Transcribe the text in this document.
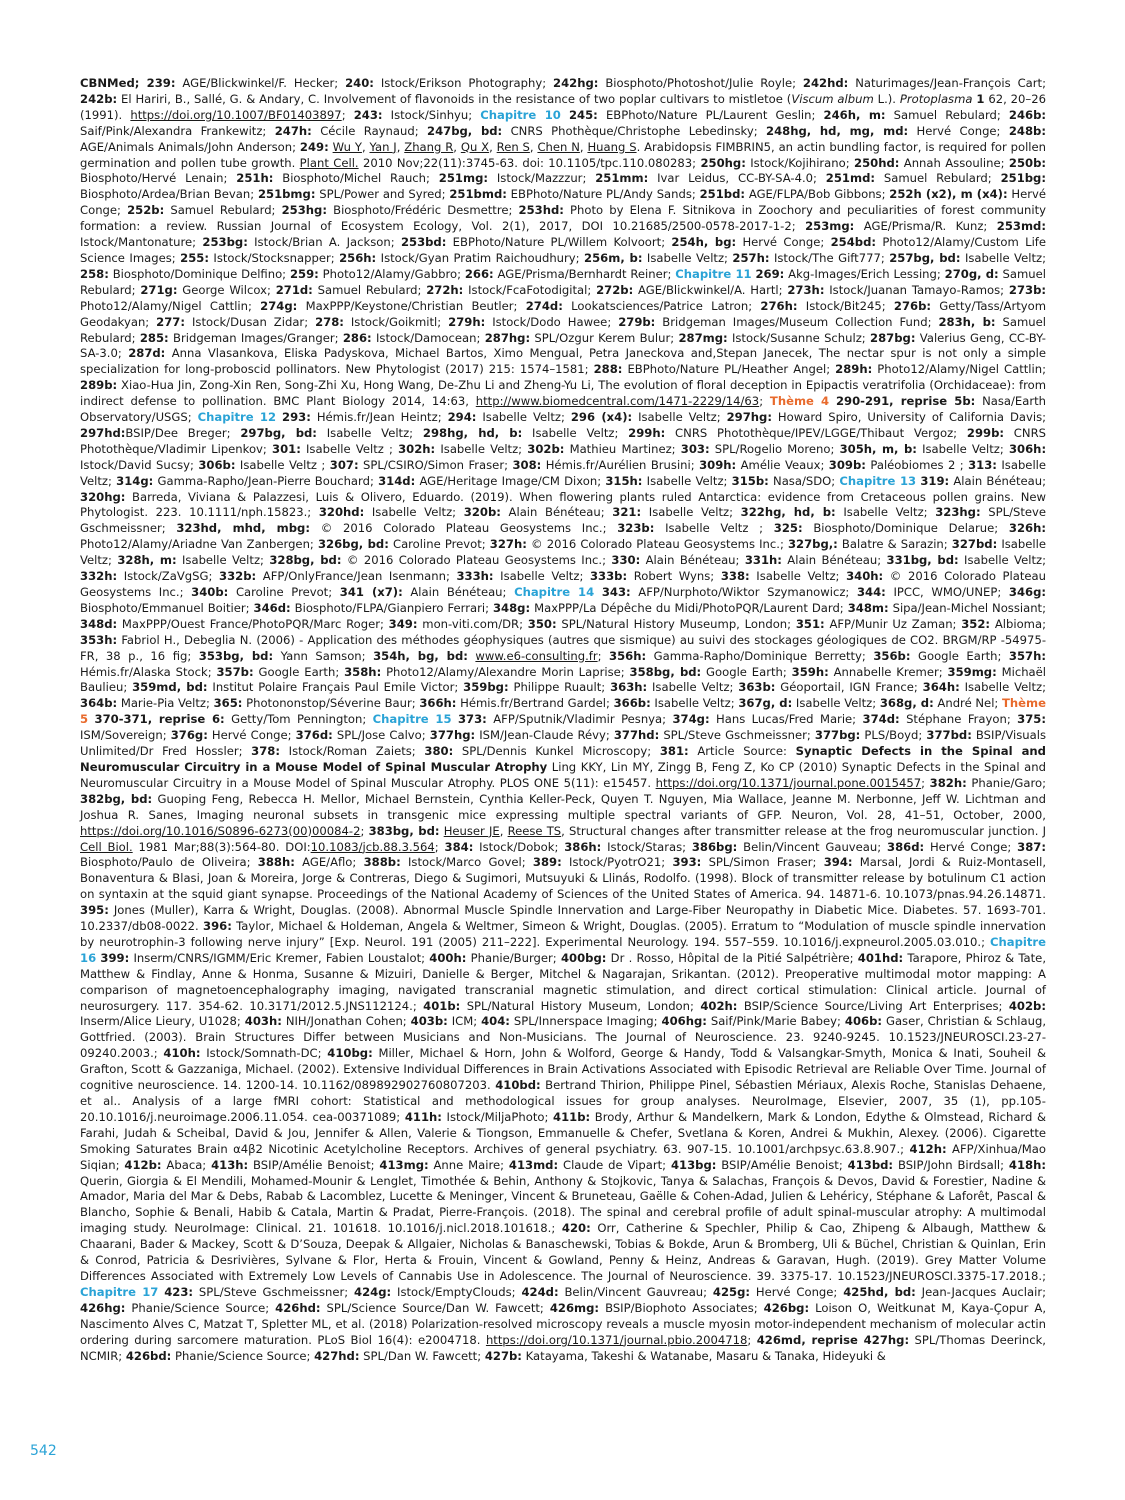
CBNMed; 239: AGE/Blickwinkel/F. Hecker; 240: Istock/Erikson Photography; 242hg: Biosphoto/Photoshot/Julie Royle; 242hd: Naturimages/Jean-François Cart; 242b: El Hariri, B., Sallé, G. & Andary, C. Involvement of flavonoids in the resistance of two poplar cultivars to mistletoe (Viscum album L.). Protoplasma 1 62, 20–26 (1991). https://doi.org/10.1007/BF01403897; 243: Istock/Sinhyu; Chapitre 10 245: EBPhoto/Nature PL/Laurent Geslin; 246h, m: Samuel Rebulard; 246b: Saif/Pink/Alexandra Frankewitz; 247h: Cécile Raynaud; 247bg, bd: CNRS Phothèque/Christophe Lebedinsky; 248hg, hd, mg, md: Hervé Conge; 248b: AGE/Animals Animals/John Anderson; 249: Wu Y, Yan J, Zhang R, Qu X, Ren S, Chen N, Huang S. Arabidopsis FIMBRIN5, an actin bundling factor, is required for pollen germination and pollen tube growth. Plant Cell. 2010 Nov;22(11):3745-63. doi: 10.1105/tpc.110.080283; 250hg: Istock/Kojihirano; 250hd: Annah Assouline; 250b: Biosphoto/Hervé Lenain; 251h: Biosphoto/Michel Rauch; 251mg: Istock/Mazzzur; 251mm: Ivar Leidus, CC-BY-SA-4.0; 251md: Samuel Rebulard; 251bg: Biosphoto/Ardea/Brian Bevan; 251bmg: SPL/Power and Syred; 251bmd: EBPhoto/Nature PL/Andy Sands; 251bd: AGE/FLPA/Bob Gibbons; 252h (x2), m (x4): Hervé Conge; 252b: Samuel Rebulard; 253hg: Biosphoto/Frédéric Desmettre; 253hd: Photo by Elena F. Sitnikova in Zoochory and peculiarities of forest community formation: a review. Russian Journal of Ecosystem Ecology, Vol. 2(1), 2017, DOI 10.21685/2500-0578-2017-1-2; 253mg: AGE/Prisma/R. Kunz; 253md: Istock/Mantonature; 253bg: Istock/Brian A. Jackson; 253bd: EBPhoto/Nature PL/Willem Kolvoort; 254h, bg: Hervé Conge; 254bd: Photo12/Alamy/Custom Life Science Images; 255: Istock/Stocksnapper; 256h: Istock/Gyan Pratim Raichoudhury; 256m, b: Isabelle Veltz; 257h: Istock/The Gift777; 257bg, bd: Isabelle Veltz; 258: Biosphoto/Dominique Delfino; 259: Photo12/Alamy/Gabbro; 266: AGE/Prisma/Bernhardt Reiner; Chapitre 11 269: Akg-Images/Erich Lessing; 270g, d: Samuel Rebulard; 271g: George Wilcox; 271d: Samuel Rebulard; 272h: Istock/FcaFotodigital; 272b: AGE/Blickwinkel/A. Hartl; 273h: Istock/Juanan Tamayo-Ramos; 273b: Photo12/Alamy/Nigel Cattlin; 274g: MaxPPP/Keystone/Christian Beutler; 274d: Lookatsciences/Patrice Latron; 276h: Istock/Bit245; 276b: Getty/Tass/Artyom Geodakyan; 277: Istock/Dusan Zidar; 278: Istock/Goikmitl; 279h: Istock/Dodo Hawee; 279b: Bridgeman Images/Museum Collection Fund; 283h, b: Samuel Rebulard; 285: Bridgeman Images/Granger; 286: Istock/Damocean; 287hg: SPL/Ozgur Kerem Bulur; 287mg: Istock/Susanne Schulz; 287bg: Valerius Geng, CC-BY-SA-3.0; 287d: Anna Vlasankova, Eliska Padyskova, Michael Bartos, Ximo Mengual, Petra Janeckova and,Stepan Janecek, The nectar spur is not only a simple specialization for long-proboscid pollinators. New Phytologist (2017) 215: 1574–1581; 288: EBPhoto/Nature PL/Heather Angel; 289h: Photo12/Alamy/Nigel Cattlin; 289b: Xiao-Hua Jin, Zong-Xin Ren, Song-Zhi Xu, Hong Wang, De-Zhu Li and Zheng-Yu Li, The evolution of floral deception in Epipactis veratrifolia (Orchidaceae): from indirect defense to pollination. BMC Plant Biology 2014, 14:63, http://www.biomedcentral.com/1471-2229/14/63; Thème 4 290-291, reprise 5b: Nasa/Earth Observatory/USGS; Chapitre 12 293: Hémis.fr/Jean Heintz; 294: Isabelle Veltz; 296 (x4): Isabelle Veltz; 297hg: Howard Spiro, University of California Davis; 297hd:BSIP/Dee Breger; 297bg, bd: Isabelle Veltz; 298hg, hd, b: Isabelle Veltz; 299h: CNRS Photothèque/IPEV/LGGE/Thibaut Vergoz; 299b: CNRS Photothèque/Vladimir Lipenkov; 301: Isabelle Veltz ; 302h: Isabelle Veltz; 302b: Mathieu Martinez; 303: SPL/Rogelio Moreno; 305h, m, b: Isabelle Veltz; 306h: Istock/David Sucsy; 306b: Isabelle Veltz ; 307: SPL/CSIRO/Simon Fraser; 308: Hémis.fr/Aurélien Brusini; 309h: Amélie Veaux; 309b: Paléobiomes 2 ; 313: Isabelle Veltz; 314g: Gamma-Rapho/Jean-Pierre Bouchard; 314d: AGE/Heritage Image/CM Dixon; 315h: Isabelle Veltz; 315b: Nasa/SDO; Chapitre 13 319: Alain Bénéteau; 320hg: Barreda, Viviana & Palazzesi, Luis & Olivero, Eduardo. (2019). When flowering plants ruled Antarctica: evidence from Cretaceous pollen grains. New Phytologist. 223. 10.1111/nph.15823.; 320hd: Isabelle Veltz; 320b: Alain Bénéteau; 321: Isabelle Veltz; 322hg, hd, b: Isabelle Veltz; 323hg: SPL/Steve Gschmeissner; 323hd, mhd, mbg: © 2016 Colorado Plateau Geosystems Inc.; 323b: Isabelle Veltz ; 325: Biosphoto/Dominique Delarue; 326h: Photo12/Alamy/Ariadne Van Zanbergen; 326bg, bd: Caroline Prevot; 327h: © 2016 Colorado Plateau Geosystems Inc.; 327bg,: Balatre & Sarazin; 327bd: Isabelle Veltz; 328h, m: Isabelle Veltz; 328bg, bd: © 2016 Colorado Plateau Geosystems Inc.; 330: Alain Bénéteau; 331h: Alain Bénéteau; 331bg, bd: Isabelle Veltz; 332h: Istock/ZaVgSG; 332b: AFP/OnlyFrance/Jean Isenmann; 333h: Isabelle Veltz; 333b: Robert Wyns; 338: Isabelle Veltz; 340h: © 2016 Colorado Plateau Geosystems Inc.; 340b: Caroline Prevot; 341 (x7): Alain Bénéteau; Chapitre 14 343: AFP/Nurphoto/Wiktor Szymanowicz; 344: IPCC, WMO/UNEP; 346g: Biosphoto/Emmanuel Boitier; 346d: Biosphoto/FLPA/Gianpiero Ferrari; 348g: MaxPPP/La Dépêche du Midi/PhotoPQR/Laurent Dard; 348m: Sipa/Jean-Michel Nossiant; 348d: MaxPPP/Ouest France/PhotoPQR/Marc Roger; 349: mon-viti.com/DR; 350: SPL/Natural History Museump, London; 351: AFP/Munir Uz Zaman; 352: Albioma; 353h: Fabriol H., Debeglia N. (2006) - Application des méthodes géophysiques (autres que sismique) au suivi des stockages géologiques de CO2. BRGM/RP -54975-FR, 38 p., 16 fig; 353bg, bd: Yann Samson; 354h, bg, bd: www.e6-consulting.fr; 356h: Gamma-Rapho/Dominique Berretty; 356b: Google Earth; 357h: Hémis.fr/Alaska Stock; 357b: Google Earth; 358h: Photo12/Alamy/Alexandre Morin Laprise; 358bg, bd: Google Earth; 359h: Annabelle Kremer; 359mg: Michaël Baulieu; 359md, bd: Institut Polaire Français Paul Emile Victor; 359bg: Philippe Ruault; 363h: Isabelle Veltz; 363b: Géoportail, IGN France; 364h: Isabelle Veltz; 364b: Marie-Pia Veltz; 365: Photononstop/Séverine Baur; 366h: Hémis.fr/Bertrand Gardel; 366b: Isabelle Veltz; 367g, d: Isabelle Veltz; 368g, d: André Nel; Thème 5 370-371, reprise 6: Getty/Tom Pennington; Chapitre 15 373: AFP/Sputnik/Vladimir Pesnya; 374g: Hans Lucas/Fred Marie; 374d: Stéphane Frayon; 375: ISM/Sovereign; 376g: Hervé Conge; 376d: SPL/Jose Calvo; 377hg: ISM/Jean-Claude Révy; 377hd: SPL/Steve Gschmeissner; 377bg: PLS/Boyd; 377bd: BSIP/Visuals Unlimited/Dr Fred Hossler; 378: Istock/Roman Zaiets; 380: SPL/Dennis Kunkel Microscopy; 381: Article Source: Synaptic Defects in the Spinal and Neuromuscular Circuitry in a Mouse Model of Spinal Muscular Atrophy Ling KKY, Lin MY, Zingg B, Feng Z, Ko CP (2010) Synaptic Defects in the Spinal and Neuromuscular Circuitry in a Mouse Model of Spinal Muscular Atrophy. PLOS ONE 5(11): e15457. https://doi.org/10.1371/journal.pone.0015457; 382h: Phanie/Garo; 382bg, bd: Guoping Feng, Rebecca H. Mellor, Michael Bernstein, Cynthia Keller-Peck, Quyen T. Nguyen, Mia Wallace, Jeanne M. Nerbonne, Jeff W. Lichtman and Joshua R. Sanes, Imaging neuronal subsets in transgenic mice expressing multiple spectral variants of GFP. Neuron, Vol. 28, 41–51, October, 2000, https://doi.org/10.1016/S0896-6273(00)00084-2; 383bg, bd: Heuser JE, Reese TS, Structural changes after transmitter release at the frog neuromuscular junction. J Cell Biol. 1981 Mar;88(3):564-80. DOI:10.1083/jcb.88.3.564; 384: Istock/Dobok; 386h: Istock/Staras; 386bg: Belin/Vincent Gauveau; 386d: Hervé Conge; 387: Biosphoto/Paulo de Oliveira; 388h: AGE/Aflo; 388b: Istock/Marco Govel; 389: Istock/PyotrO21; 393: SPL/Simon Fraser; 394: Marsal, Jordi & Ruiz-Montasell, Bonaventura & Blasi, Joan & Moreira, Jorge & Contreras, Diego & Sugimori, Mutsuyuki & Llinás, Rodolfo. (1998). Block of transmitter release by botulinum C1 action on syntaxin at the squid giant synapse. Proceedings of the National Academy of Sciences of the United States of America. 94. 14871-6. 10.1073/pnas.94.26.14871. 395: Jones (Muller), Karra & Wright, Douglas. (2008). Abnormal Muscle Spindle Innervation and Large-Fiber Neuropathy in Diabetic Mice. Diabetes. 57. 1693-701. 10.2337/db08-0022. 396: Taylor, Michael & Holdeman, Angela & Weltmer, Simeon & Wright, Douglas. (2005). Erratum to “Modulation of muscle spindle innervation by neurotrophin-3 following nerve injury” [Exp. Neurol. 191 (2005) 211–222]. Experimental Neurology. 194. 557–559. 10.1016/j.expneurol.2005.03.010.; Chapitre 16 399: Inserm/CNRS/IGMM/Eric Kremer, Fabien Loustalot; 400h: Phanie/Burger; 400bg: Dr . Rosso, Hôpital de la Pitié Salpétrière; 401hd: Tarapore, Phiroz & Tate, Matthew & Findlay, Anne & Honma, Susanne & Mizuiri, Danielle & Berger, Mitchel & Nagarajan, Srikantan. (2012). Preoperative multimodal motor mapping: A comparison of magnetoencephalography imaging, navigated transcranial magnetic stimulation, and direct cortical stimulation: Clinical article. Journal of neurosurgery. 117. 354-62. 10.3171/2012.5.JNS112124.; 401b: SPL/Natural History Museum, London; 402h: BSIP/Science Source/Living Art Enterprises; 402b: Inserm/Alice Lieury, U1028; 403h: NIH/Jonathan Cohen; 403b: ICM; 404: SPL/Innerspace Imaging; 406hg: Saif/Pink/Marie Babey; 406b: Gaser, Christian & Schlaug, Gottfried. (2003). Brain Structures Differ between Musicians and Non-Musicians. The Journal of Neuroscience. 23. 9240-9245. 10.1523/JNEUROSCI.23-27-09240.2003.; 410h: Istock/Somnath-DC; 410bg: Miller, Michael & Horn, John & Wolford, George & Handy, Todd & Valsangkar-Smyth, Monica & Inati, Souheil & Grafton, Scott & Gazzaniga, Michael. (2002). Extensive Individual Differences in Brain Activations Associated with Episodic Retrieval are Reliable Over Time. Journal of cognitive neuroscience. 14. 1200-14. 10.1162/089892902760807203. 410bd: Bertrand Thirion, Philippe Pinel, Sébastien Mériaux, Alexis Roche, Stanislas Dehaene, et al.. Analysis of a large fMRI cohort: Statistical and methodological issues for group analyses. NeuroImage, Elsevier, 2007, 35 (1), pp.105-20.10.1016/j.neuroimage.2006.11.054. cea-00371089; 411h: Istock/MiljaPhoto; 411b: Brody, Arthur & Mandelkern, Mark & London, Edythe & Olmstead, Richard & Farahi, Judah & Scheibal, David & Jou, Jennifer & Allen, Valerie & Tiongson, Emmanuelle & Chefer, Svetlana & Koren, Andrei & Mukhin, Alexey. (2006). Cigarette Smoking Saturates Brain α4β2 Nicotinic Acetylcholine Receptors. Archives of general psychiatry. 63. 907-15. 10.1001/archpsyc.63.8.907.; 412h: AFP/Xinhua/Mao Siqian; 412b: Abaca; 413h: BSIP/Amélie Benoist; 413mg: Anne Maire; 413md: Claude de Vipart; 413bg: BSIP/Amélie Benoist; 413bd: BSIP/John Birdsall; 418h: Querin, Giorgia & El Mendili, Mohamed-Mounir & Lenglet, Timothée & Behin, Anthony & Stojkovic, Tanya & Salachas, François & Devos, David & Forestier, Nadine & Amador, Maria del Mar & Debs, Rabab & Lacomblez, Lucette & Meninger, Vincent & Bruneteau, Gaëlle & Cohen-Adad, Julien & Lehéricy, Stéphane & Laforêt, Pascal & Blancho, Sophie & Benali, Habib & Catala, Martin & Pradat, Pierre-François. (2018). The spinal and cerebral profile of adult spinal-muscular atrophy: A multimodal imaging study. NeuroImage: Clinical. 21. 101618. 10.1016/j.nicl.2018.101618.; 420: Orr, Catherine & Spechler, Philip & Cao, Zhipeng & Albaugh, Matthew & Chaarani, Bader & Mackey, Scott & D’Souza, Deepak & Allgaier, Nicholas & Banaschewski, Tobias & Bokde, Arun & Bromberg, Uli & Büchel, Christian & Quinlan, Erin & Conrod, Patricia & Desrivières, Sylvane & Flor, Herta & Frouin, Vincent & Gowland, Penny & Heinz, Andreas & Garavan, Hugh. (2019). Grey Matter Volume Differences Associated with Extremely Low Levels of Cannabis Use in Adolescence. The Journal of Neuroscience. 39. 3375-17. 10.1523/JNEUROSCI.3375-17.2018.; Chapitre 17 423: SPL/Steve Gschmeissner; 424g: Istock/EmptyClouds; 424d: Belin/Vincent Gauvreau; 425g: Hervé Conge; 425hd, bd: Jean-Jacques Auclair; 426hg: Phanie/Science Source; 426hd: SPL/Science Source/Dan W. Fawcett; 426mg: BSIP/Biophoto Associates; 426bg: Loison O, Weitkunat M, Kaya-Çopur A, Nascimento Alves C, Matzat T, Spletter ML, et al. (2018) Polarization-resolved microscopy reveals a muscle myosin motor-independent mechanism of molecular actin ordering during sarcomere maturation. PLoS Biol 16(4): e2004718. https://doi.org/10.1371/journal.pbio.2004718; 426md, reprise 427hg: SPL/Thomas Deerinck, NCMIR; 426bd: Phanie/Science Source; 427hd: SPL/Dan W. Fawcett; 427b: Katayama, Takeshi & Watanabe, Masaru & Tanaka, Hideyuki &

542
